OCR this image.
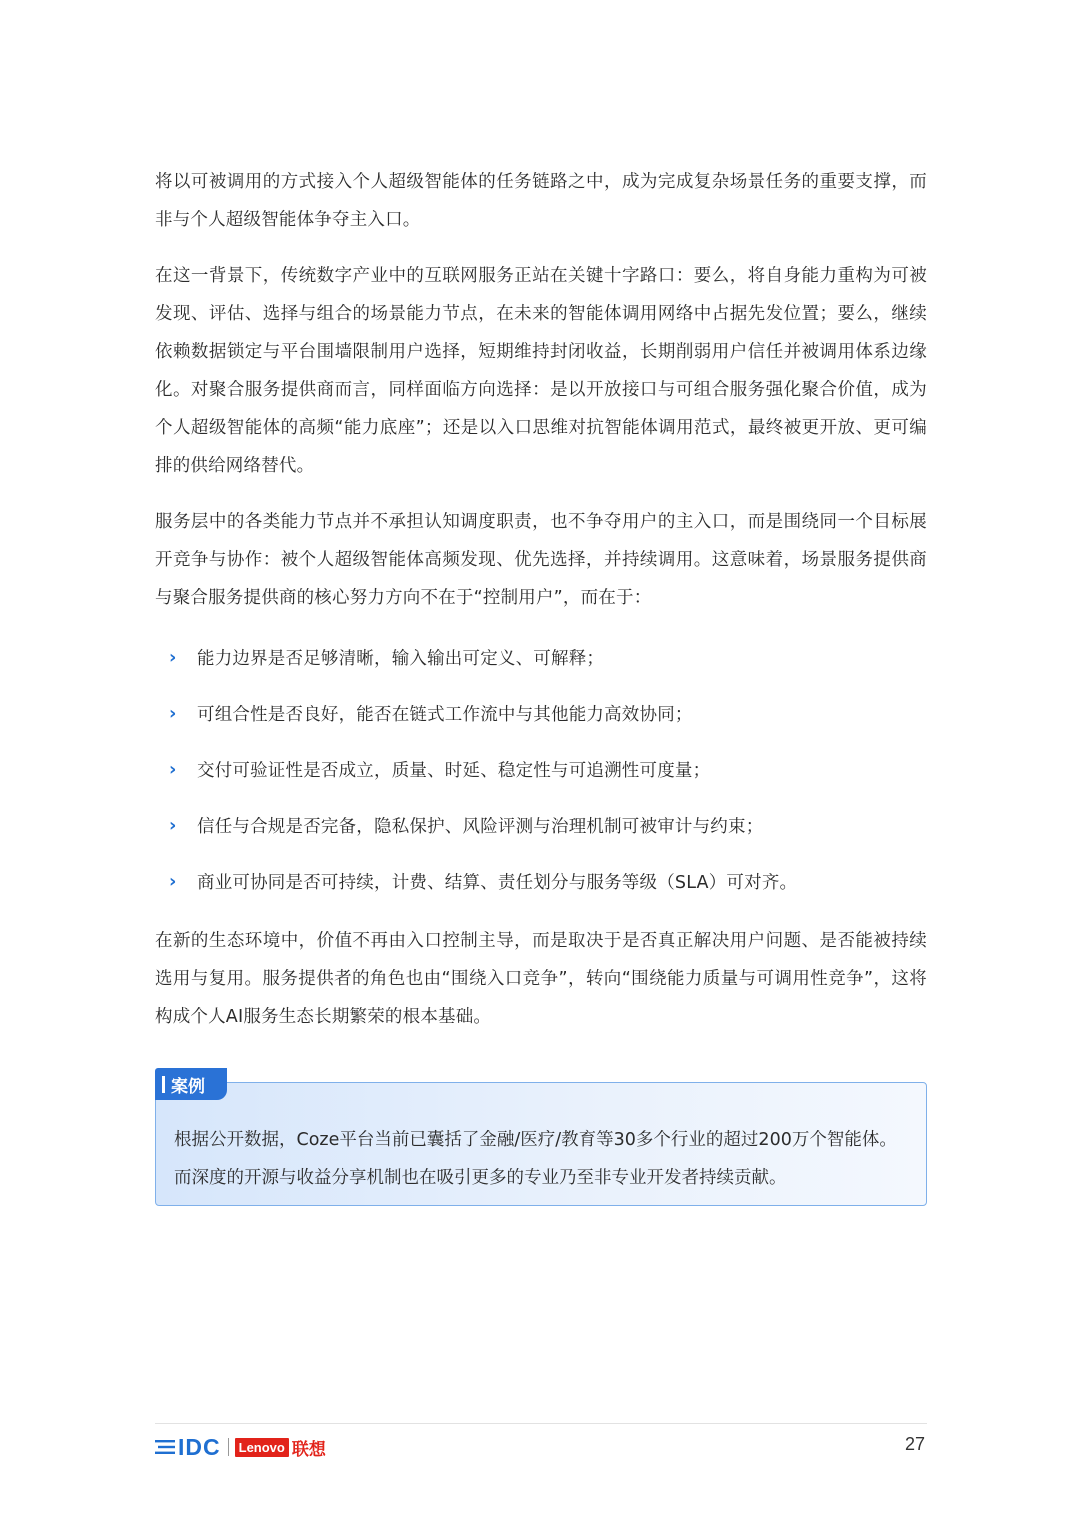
将以可被调用的方式接入个人超级智能体的任务链路之中，成为完成复杂场景任务的重要支撑，而非与个人超级智能体争夺主入口。

在这一背景下，传统数字产业中的互联网服务正站在关键十字路口：要么，将自身能力重构为可被发现、评估、选择与组合的场景能力节点，在未来的智能体调用网络中占据先发位置；要么，继续依赖数据锁定与平台围墙限制用户选择，短期维持封闭收益，长期削弱用户信任并被调用体系边缘化。对聚合服务提供商而言，同样面临方向选择：是以开放接口与可组合服务强化聚合价值，成为个人超级智能体的高频“能力底座”；还是以入口思维对抗智能体调用范式，最终被更开放、更可编排的供给网络替代。

服务层中的各类能力节点并不承担认知调度职责，也不争夺用户的主入口，而是围绕同一个目标展开竞争与协作：被个人超级智能体高频发现、优先选择，并持续调用。这意味着，场景服务提供商与聚合服务提供商的核心努力方向不在于“控制用户”，而在于：

›	能力边界是否足够清晰，输入输出可定义、可解释；
›	可组合性是否良好，能否在链式工作流中与其他能力高效协同；
›	交付可验证性是否成立，质量、时延、稳定性与可追溯性可度量；
›	信任与合规是否完备，隐私保护、风险评测与治理机制可被审计与约束；
›	商业可协同是否可持续，计费、结算、责任划分与服务等级（SLA）可对齐。

在新的生态环境中，价值不再由入口控制主导，而是取决于是否真正解决用户问题、是否能被持续选用与复用。服务提供者的角色也由“围绕入口竞争”，转向“围绕能力质量与可调用性竞争”，这将构成个人AI服务生态长期繁荣的根本基础。

根据公开数据，Coze平台当前已囊括了金融/医疗/教育等30多个行业的超过200万个智能体。而深度的开源与收益分享机制也在吸引更多的专业乃至非专业开发者持续贡献。

案例
IDC	Lenovo 联想	27
